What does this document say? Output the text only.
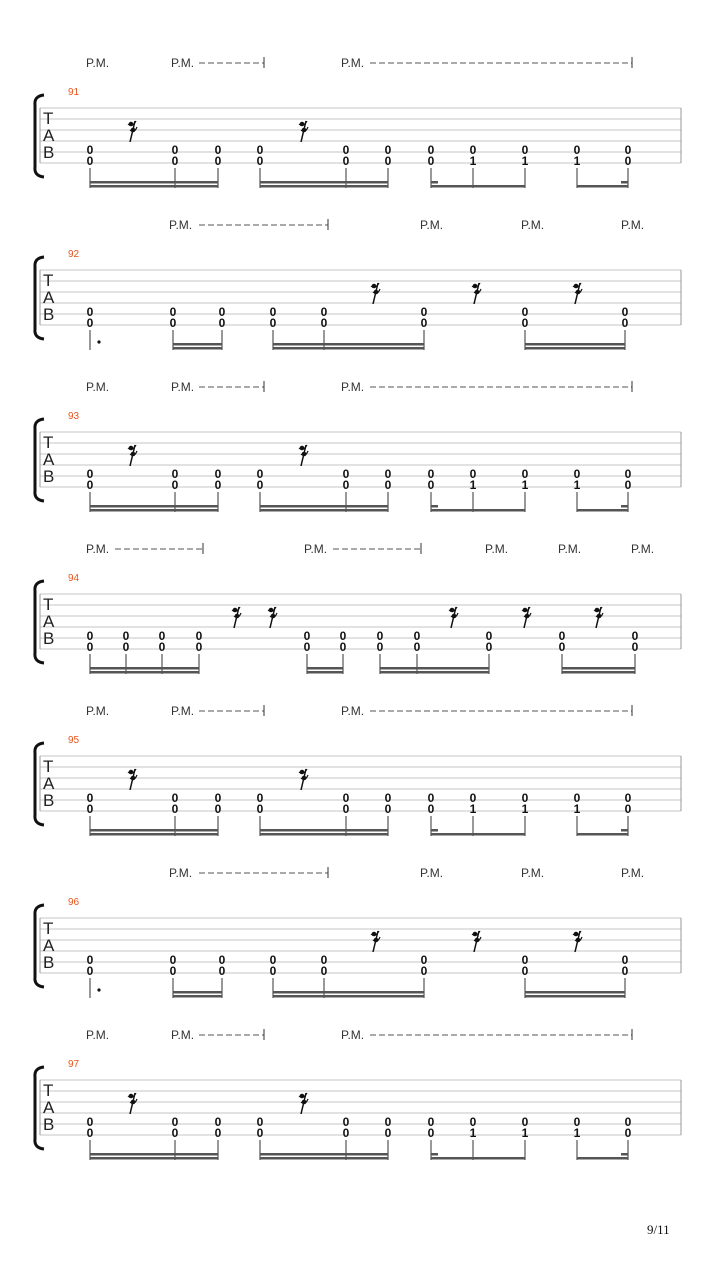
91
T
A
B
P.M.	P.M.	P.M.
0
0
0
0
0
0
0
0
0
0
0
0
0
0
0
1
0
1
0
1
0
0
92
T
A
B
P.M.	P.M.	P.M.	P.M.
0
0
0
0
0
0
0
0
0
0
0
0
0
0
0
0
93
T
A
B
P.M.	P.M.	P.M.
0
0
0
0
0
0
0
0
0
0
0
0
0
0
0
1
0
1
0
1
0
0
94
T
A
B
P.M.	P.M.	P.M.	P.M.	P.M.
0
0
0
0
0
0
0
0
0
0
0
0
0
0
0
0
0
0
0
0
0
0
95
T
A
B
P.M.	P.M.	P.M.
0
0
0
0
0
0
0
0
0
0
0
0
0
0
0
1
0
1
0
1
0
0
96
T
A
B
P.M.	P.M.	P.M.	P.M.
0
0
0
0
0
0
0
0
0
0
0
0
0
0
0
0
97
T
A
B
P.M.	P.M.	P.M.
0
0
0
0
0
0
0
0
0
0
0
0
0
0
0
1
0
1
0
1
0
0
9/11
